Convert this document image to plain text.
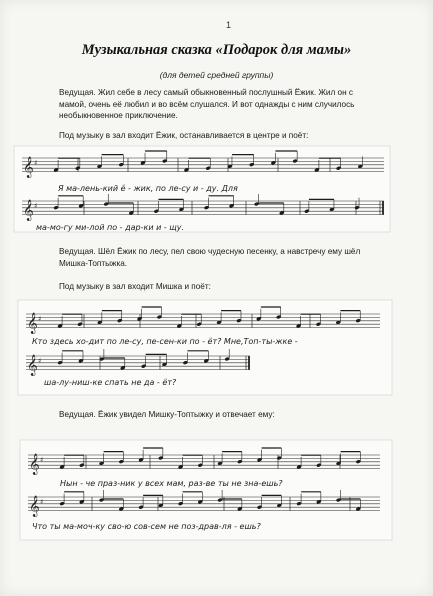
1
Музыкальная сказка «Подарок для мамы»
(для детей средней группы)
Ведущая. Жил себе в лесу самый обыкновенный послушный Ёжик. Жил он с мамой, очень её любил и во всём слушался. И вот однажды с ним случилось необыкновенное приключение.
Под музыку в зал входит Ёжик, останавливается в центре и поёт:
Ведущая. Шёл Ёжик по лесу, пел свою чудесную песенку, а навстречу ему шёл Мишка-Топтыжка.
Под музыку в зал входит Мишка и поёт:
Ведущая. Ёжик увидел Мишку-Топтыжку и отвечает ему:
𝄞 ♯
𝄞 ♯
𝄞 ♯
𝄞 ♯
𝄞 ♯
𝄞 ♯
Я ма-лень-кий ё - жик, по ле-су и - ду. Для
ма-мо-гу ми-лой по - дар-ки и - щу.
Кто здесь хо-дит по ле-су, пе-сен-ки по - ёт? Мне,Топ-ты-жке -
ша-лу-ниш-ке спать не да - ёт?
Нын - че праз-ник у всех мам, раз-ве ты не зна-ешь?
Что ты ма-моч-ку сво-ю сов-сем не поз-драв-ля - ешь?
